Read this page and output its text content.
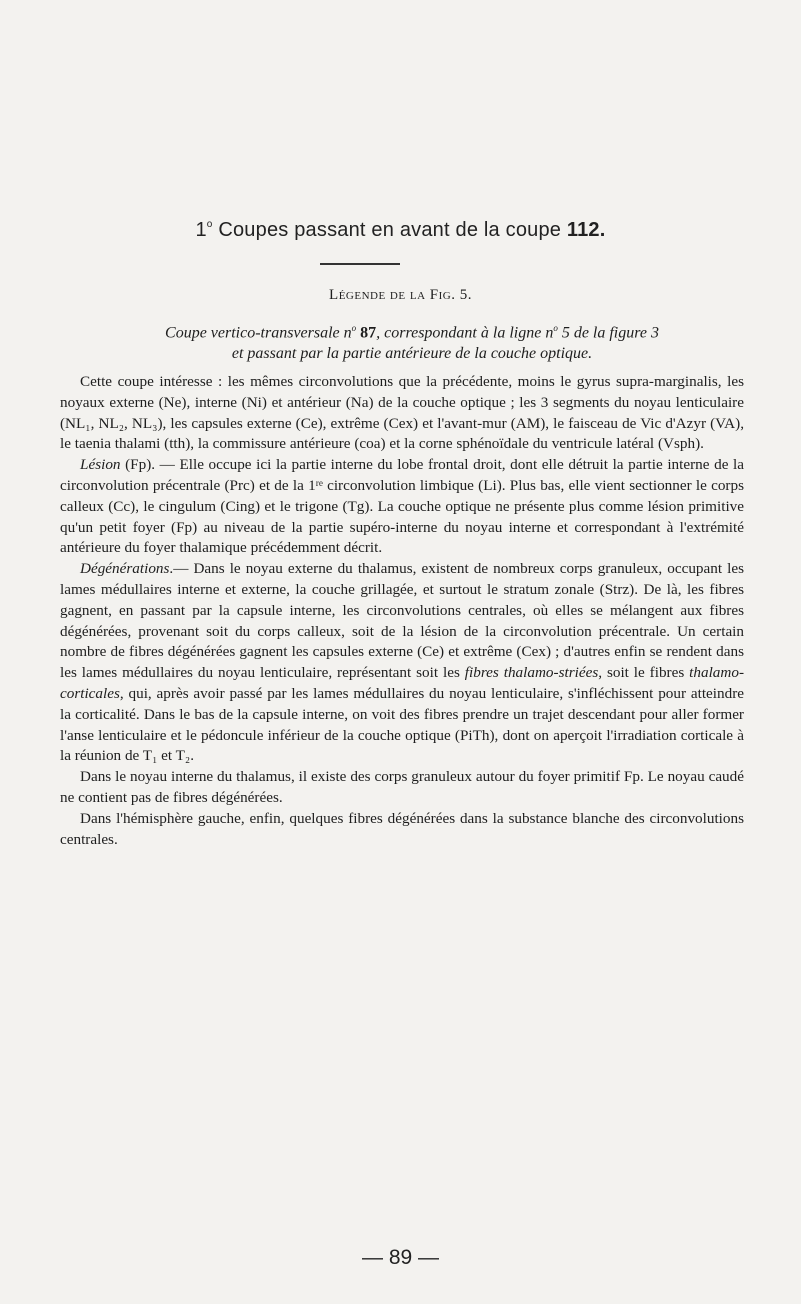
1$^o$ Coupes passant en avant de la coupe 112.
Légende de la Fig. 5.
Coupe vertico-transversale $n^o$ 87, correspondant à la ligne $n^o$ 5 de la figure 3
et passant par la partie antérieure de la couche optique.

Cette coupe intéresse : les mêmes circonvolutions que la précédente, moins le gyrus supra-marginalis, les noyaux externe (Ne), interne (Ni) et antérieur (Na) de la couche optique ; les 3 segments du noyau lenticulaire (NL₁, NL₂, NL₃), les capsules externe (Ce), extrême (Cex) et l'avant-mur (AM), le faisceau de Vic d'Azyr (VA), le taenia thalami (tth), la commissure antérieure (coa) et la corne sphénoïdale du ventricule latéral (Vsph).

Lésion (Fp). — Elle occupe ici la partie interne du lobe frontal droit, dont elle détruit la partie interne de la circonvolution précentrale (Prc) et de la 1ʳᵉ circonvolution limbique (Li). Plus bas, elle vient sectionner le corps calleux (Cc), le cingulum (Cing) et le trigone (Tg). La couche optique ne présente plus comme lésion primitive qu'un petit foyer (Fp) au niveau de la partie supéro-interne du noyau interne et correspondant à l'extrémité antérieure du foyer thalamique précédemment décrit.

Dégénérations.— Dans le noyau externe du thalamus, existent de nombreux corps granuleux, occupant les lames médullaires interne et externe, la couche grillagée, et surtout le stratum zonale (Strz). De là, les fibres gagnent, en passant par la capsule interne, les circonvolutions centrales, où elles se mélangent aux fibres dégénérées, provenant soit du corps calleux, soit de la lésion de la circonvolution précentrale. Un certain nombre de fibres dégénérées gagnent les capsules externe (Ce) et extrême (Cex) ; d'autres enfin se rendent dans les lames médullaires du noyau lenticulaire, représentant soit les fibres thalamo-striées, soit le fibres thalamo-corticales, qui, après avoir passé par les lames médullaires du noyau lenticulaire, s'infléchissent pour atteindre la corticalité. Dans le bas de la capsule interne, on voit des fibres prendre un trajet descendant pour aller former l'anse lenticulaire et le pédoncule inférieur de la couche optique (PiTh), dont on aperçoit l'irradiation corticale à la réunion de T₁ et T₂.

Dans le noyau interne du thalamus, il existe des corps granuleux autour du foyer primitif Fp. Le noyau caudé ne contient pas de fibres dégénérées.

Dans l'hémisphère gauche, enfin, quelques fibres dégénérées dans la substance blanche des circonvolutions centrales.

— 89 —
